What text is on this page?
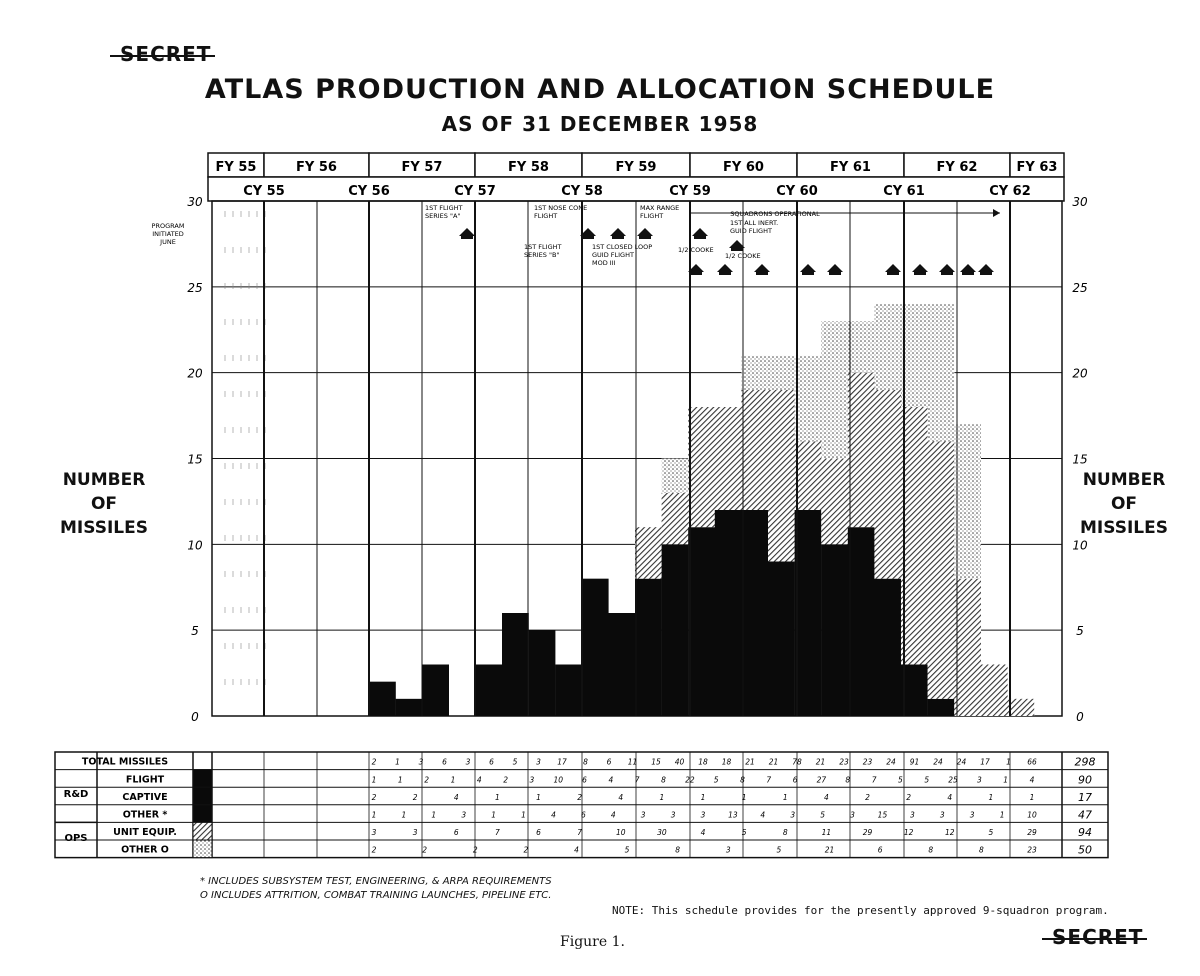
SECRET
ATLAS PRODUCTION AND ALLOCATION SCHEDULE
AS OF 31 DECEMBER 1958
NUMBER
OF
MISSILES
NUMBER
OF
MISSILES
FY 55	FY 56	FY 57	FY 58	FY 59	FY 60	FY 61	FY 62	FY 63
CY 55	CY 56	CY 57	CY 58	CY 59	CY 60	CY 61	CY 62
0	0
5	5
10	10
15	15
20	20
25	25
30	30
PROGRAM
INITIATED
JUNE
1ST FLIGHT
SERIES "A"
1ST NOSE CONE
FLIGHT
1ST FLIGHT
SERIES "B"
1ST CLOSED LOOP
GUID FLIGHT
MOD III
MAX RANGE
FLIGHT
1ST ALL INERT.
GUID FLIGHT
SQUADRONS OPERATIONAL
1/2 COOKE
1/2 COOKE
R&D
OPS
TOTAL MISSILES	2 1 3 6 3 6 5 3 17 8 6 11 15 40 18 18 21 21 78 21 23 23 24 91 24 24 17 1 66	298
FLIGHT	1	1	2	1	4	2	3	10	6	4	7	8	22	5	8	7	6	27	8	7	5	5	25	3	1	4	90
CAPTIVE	2	2	4	1	1	2	4	1	1	1	1	4	2	2	4	1	1	17
OTHER *	1	1	1	3	1	1	4	6	4	3	3	3	13	4	3	5	3	15	3	3	3	1	10	47
UNIT EQUIP.	3	3	6	7	6	7	10	30	4	5	8	11	29	12	12	5	29	94
OTHER O	2	2	2	2	4	5	8	3	5	21	6	8	8	23	50
* INCLUDES SUBSYSTEM TEST, ENGINEERING, & ARPA REQUIREMENTS
O INCLUDES ATTRITION, COMBAT TRAINING LAUNCHES, PIPELINE ETC.
NOTE: This schedule provides for the presently approved 9-squadron program.
Figure 1.	SECRET
